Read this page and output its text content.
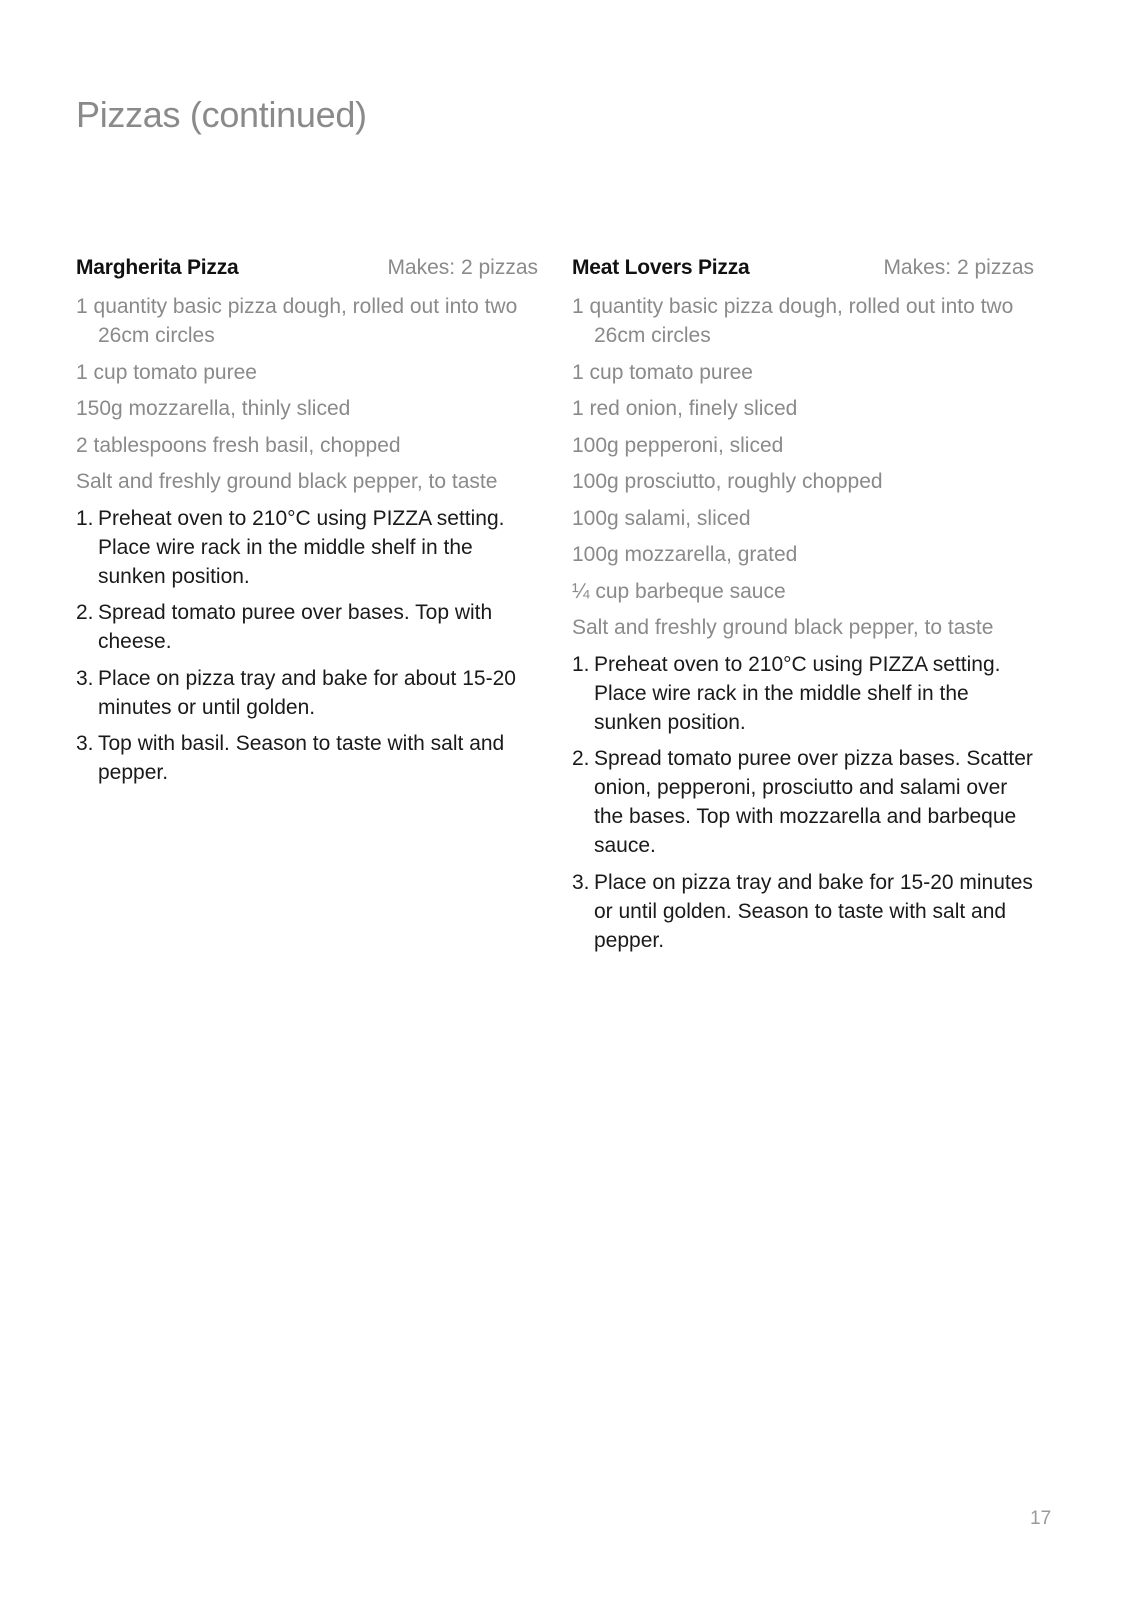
Pizzas (continued)
Margherita Pizza	Makes: 2 pizzas
1 quantity basic pizza dough, rolled out into two 26cm circles
1 cup tomato puree
150g mozzarella, thinly sliced
2 tablespoons fresh basil, chopped
Salt and freshly ground black pepper, to taste
1. Preheat oven to 210°C using PIZZA setting. Place wire rack in the middle shelf in the sunken position.
2. Spread tomato puree over bases. Top with cheese.
3. Place on pizza tray and bake for about 15-20 minutes or until golden.
3. Top with basil. Season to taste with salt and pepper.
Meat Lovers Pizza	Makes: 2 pizzas
1 quantity basic pizza dough, rolled out into two 26cm circles
1 cup tomato puree
1 red onion, finely sliced
100g pepperoni, sliced
100g prosciutto, roughly chopped
100g salami, sliced
100g mozzarella, grated
¼ cup barbeque sauce
Salt and freshly ground black pepper, to taste
1. Preheat oven to 210°C using PIZZA setting. Place wire rack in the middle shelf in the sunken position.
2. Spread tomato puree over pizza bases. Scatter onion, pepperoni, prosciutto and salami over the bases. Top with mozzarella and barbeque sauce.
3. Place on pizza tray and bake for 15-20 minutes or until golden. Season to taste with salt and pepper.
17
